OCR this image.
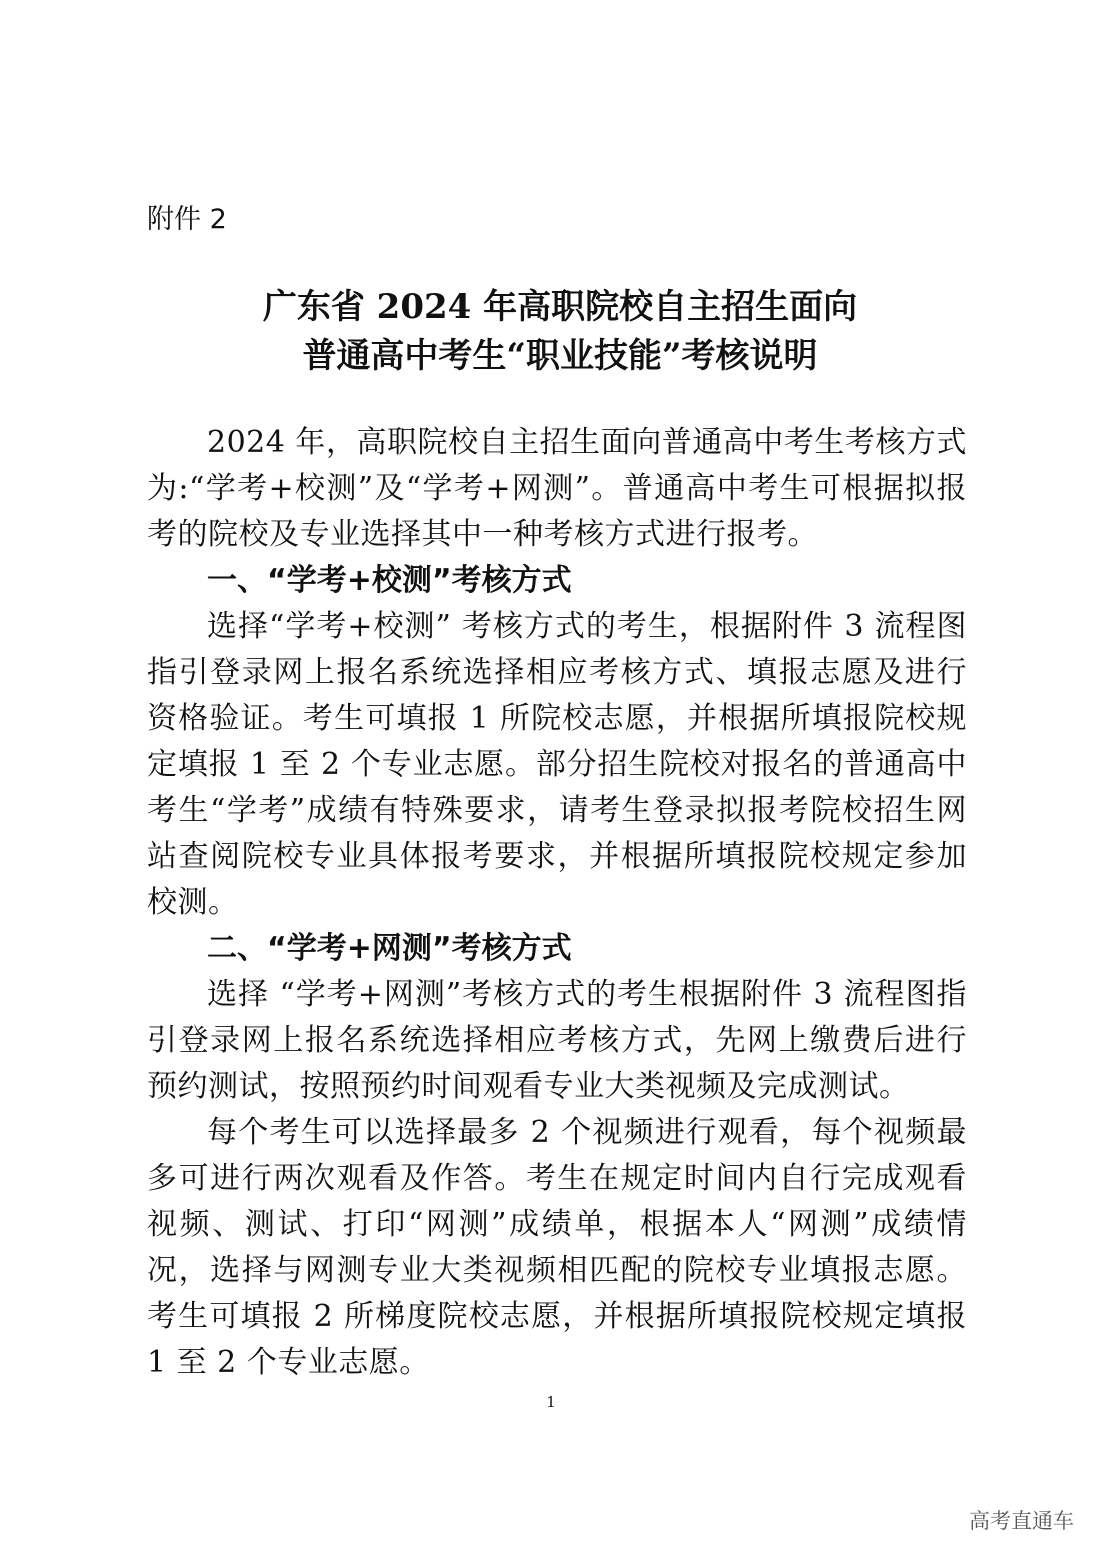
附件 2

广东省 2024 年高职院校自主招生面向
普通高中考生“职业技能”考核说明

2024 年，高职院校自主招生面向普通高中考生考核方式为:“学考+校测”及“学考+网测”。普通高中考生可根据拟报考的院校及专业选择其中一种考核方式进行报考。

一、“学考+校测”考核方式

选择“学考+校测” 考核方式的考生，根据附件 3 流程图指引登录网上报名系统选择相应考核方式、填报志愿及进行资格验证。考生可填报 1 所院校志愿，并根据所填报院校规定填报 1 至 2 个专业志愿。部分招生院校对报名的普通高中考生“学考”成绩有特殊要求，请考生登录拟报考院校招生网站查阅院校专业具体报考要求，并根据所填报院校规定参加校测。

二、“学考+网测”考核方式

选择 “学考+网测”考核方式的考生根据附件 3 流程图指引登录网上报名系统选择相应考核方式，先网上缴费后进行预约测试，按照预约时间观看专业大类视频及完成测试。

每个考生可以选择最多 2 个视频进行观看，每个视频最多可进行两次观看及作答。考生在规定时间内自行完成观看视频、测试、打印“网测”成绩单，根据本人“网测”成绩情况，选择与网测专业大类视频相匹配的院校专业填报志愿。考生可填报 2 所梯度院校志愿，并根据所填报院校规定填报 1 至 2 个专业志愿。

1
高考直通车
